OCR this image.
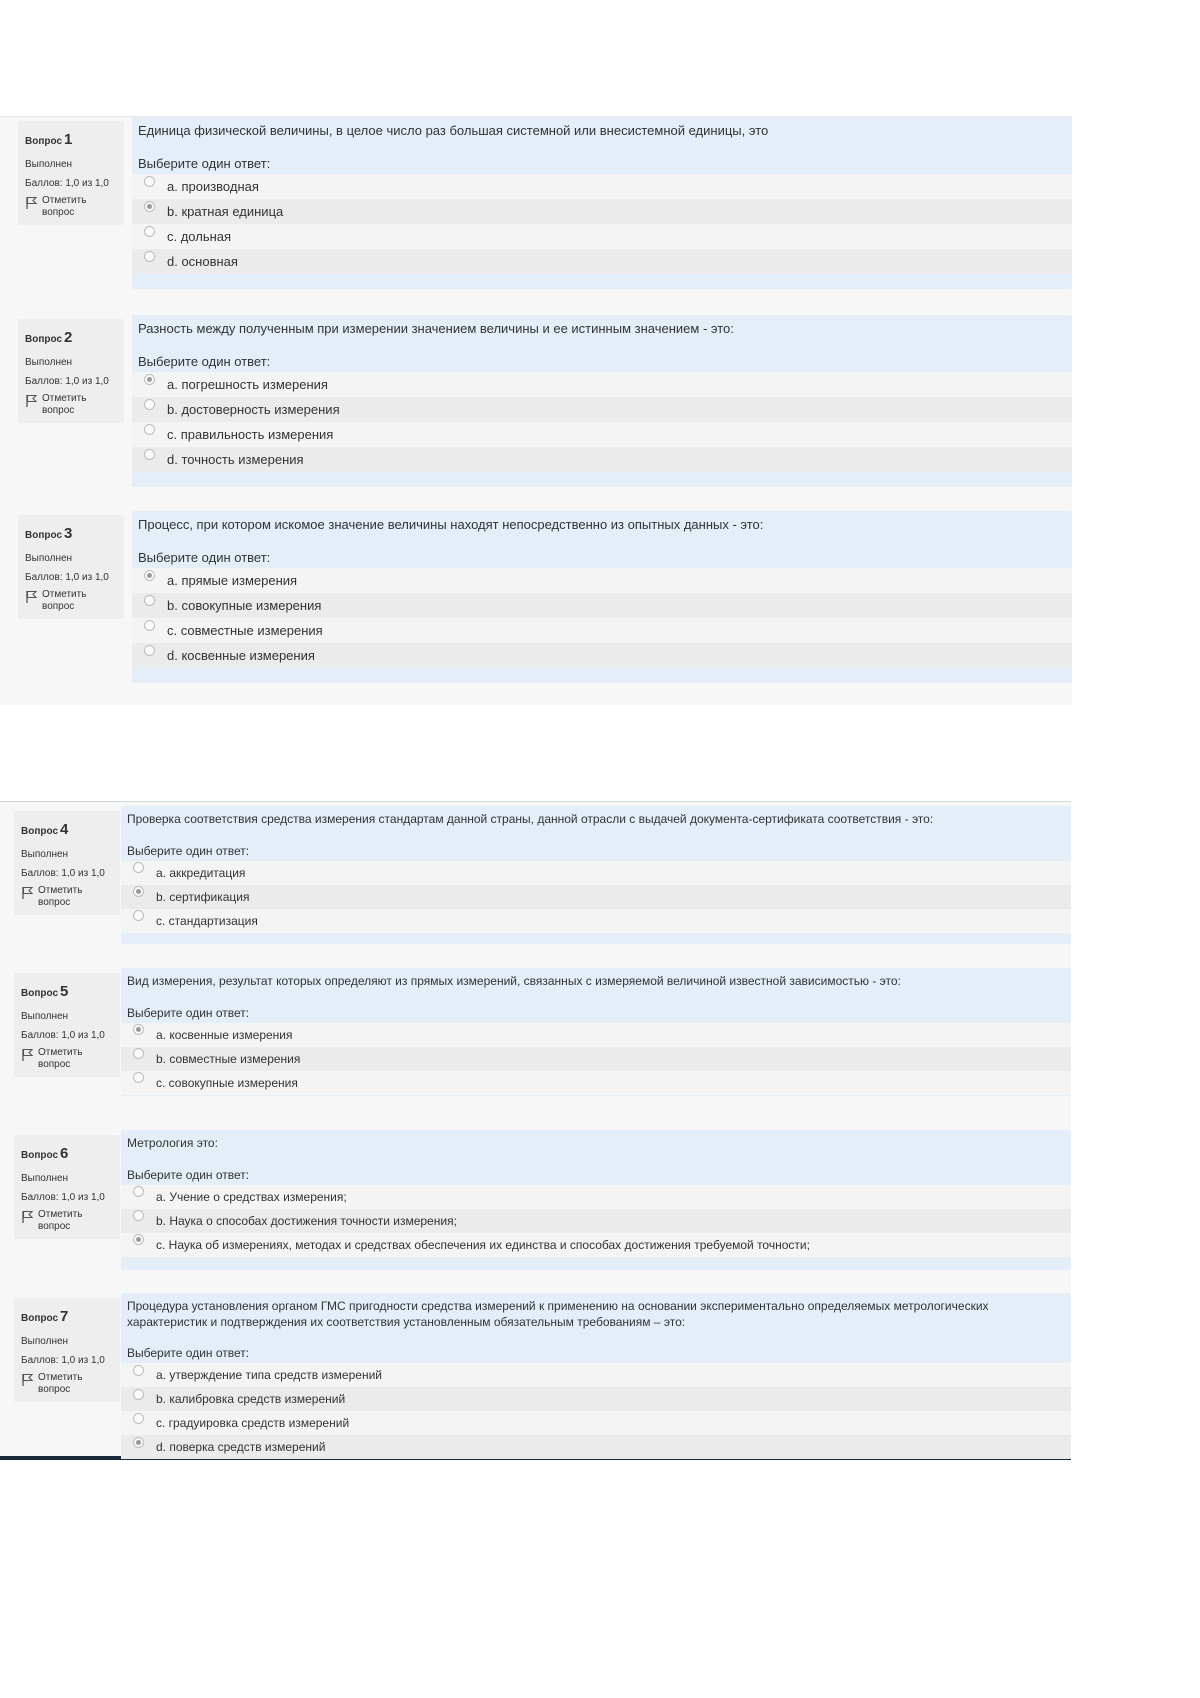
Вопрос 1
Выполнен
Баллов: 1,0 из 1,0
Отметить
вопрос
Единица физической величины, в целое число раз большая системной или внесистемной единицы, это
Выберите один ответ:
a. производная
b. кратная единица
c. дольная
d. основная
Вопрос 2
Выполнен
Баллов: 1,0 из 1,0
Отметить
вопрос
Разность между полученным при измерении значением величины и ее истинным значением - это:
Выберите один ответ:
a. погрешность измерения
b. достоверность измерения
c. правильность измерения
d. точность измерения
Вопрос 3
Выполнен
Баллов: 1,0 из 1,0
Отметить
вопрос
Процесс, при котором искомое значение величины находят непосредственно из опытных данных - это:
Выберите один ответ:
a. прямые измерения
b. совокупные измерения
c. совместные измерения
d. косвенные измерения
Вопрос 4
Выполнен
Баллов: 1,0 из 1,0
Отметить
вопрос
Проверка соответствия средства измерения стандартам данной страны, данной отрасли с выдачей документа-сертификата соответствия - это:
Выберите один ответ:
a. аккредитация
b. сертификация
c. стандартизация
Вопрос 5
Выполнен
Баллов: 1,0 из 1,0
Отметить
вопрос
Вид измерения, результат которых определяют из прямых измерений, связанных с измеряемой величиной известной зависимостью - это:
Выберите один ответ:
a. косвенные измерения
b. совместные измерения
c. совокупные измерения
Вопрос 6
Выполнен
Баллов: 1,0 из 1,0
Отметить
вопрос
Метрология это:
Выберите один ответ:
a. Учение о средствах измерения;
b. Наука о способах достижения точности измерения;
c. Наука об измерениях, методах и средствах обеспечения их единства и способах достижения требуемой точности;
Вопрос 7
Выполнен
Баллов: 1,0 из 1,0
Отметить
вопрос
Процедура установления органом ГМС пригодности средства измерений к применению на основании экспериментально определяемых метрологических характеристик и подтверждения их соответствия установленным обязательным требованиям – это:
Выберите один ответ:
a. утверждение типа средств измерений
b. калибровка средств измерений
c. градуировка средств измерений
d. поверка средств измерений
